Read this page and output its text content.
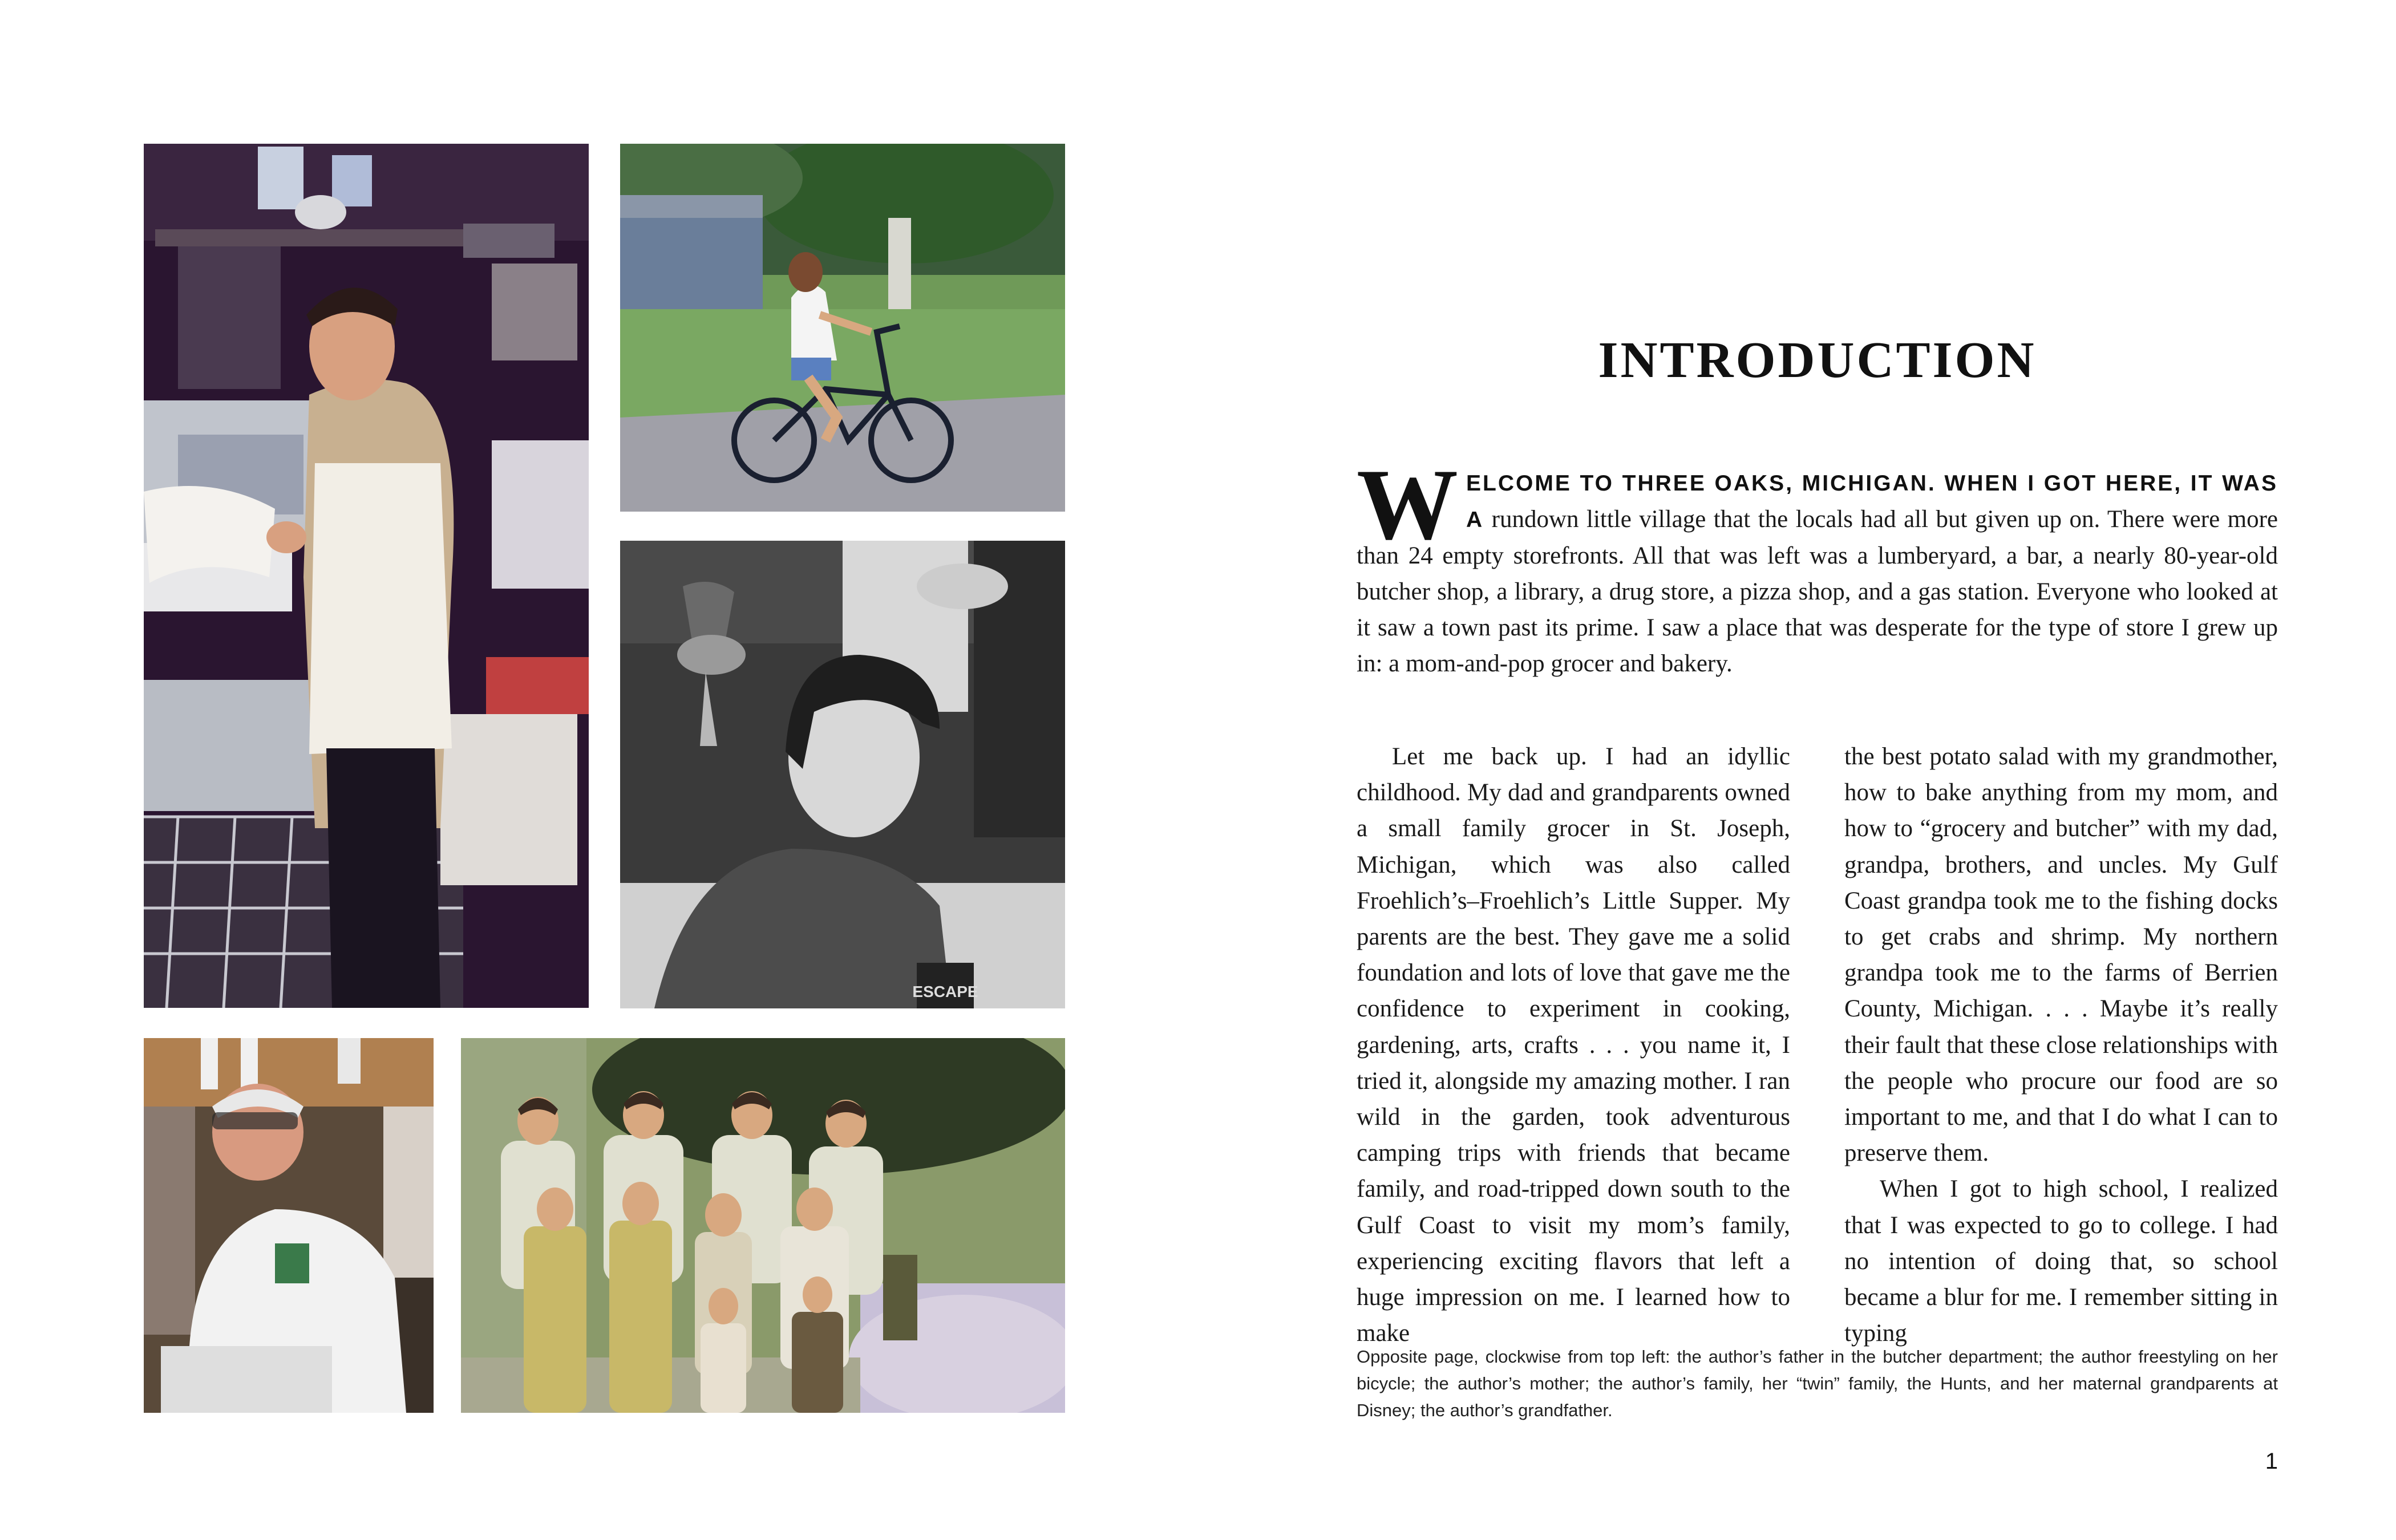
ESCAPE
INTRODUCTION
WELCOME TO THREE OAKS, MICHIGAN. WHEN I GOT HERE, IT WAS A rundown little village that the locals had all but given up on. There were more than 24 empty storefronts. All that was left was a lumberyard, a bar, a nearly 80-year-old butcher shop, a library, a drug store, a pizza shop, and a gas station. Everyone who looked at it saw a town past its prime. I saw a place that was desperate for the type of store I grew up in: a mom-and-pop grocer and bakery.

Let me back up. I had an idyllic childhood. My dad and grandparents owned a small family grocer in St. Joseph, Michigan, which was also called Froehlich’s–Froehlich’s Little Supper. My parents are the best. They gave me a solid foundation and lots of love that gave me the confidence to experiment in cooking, gardening, arts, crafts . . . you name it, I tried it, alongside my amazing mother. I ran wild in the garden, took adventurous camping trips with friends that became family, and road-tripped down south to the Gulf Coast to visit my mom’s family, experiencing exciting flavors that left a huge impression on me. I learned how to make

the best potato salad with my grandmother, how to bake anything from my mom, and how to “grocery and butcher” with my dad, grandpa, brothers, and uncles. My Gulf Coast grandpa took me to the fishing docks to get crabs and shrimp. My northern grandpa took me to the farms of Berrien County, Michigan. . . . Maybe it’s really their fault that these close relationships with the people who procure our food are so important to me, and that I do what I can to preserve them.

When I got to high school, I realized that I was expected to go to college. I had no intention of doing that, so school became a blur for me. I remember sitting in typing

Opposite page, clockwise from top left: the author’s father in the butcher department; the author freestyling on her bicycle; the author’s mother; the author’s family, her “twin” family, the Hunts, and her maternal grandparents at Disney; the author’s grandfather.
1
